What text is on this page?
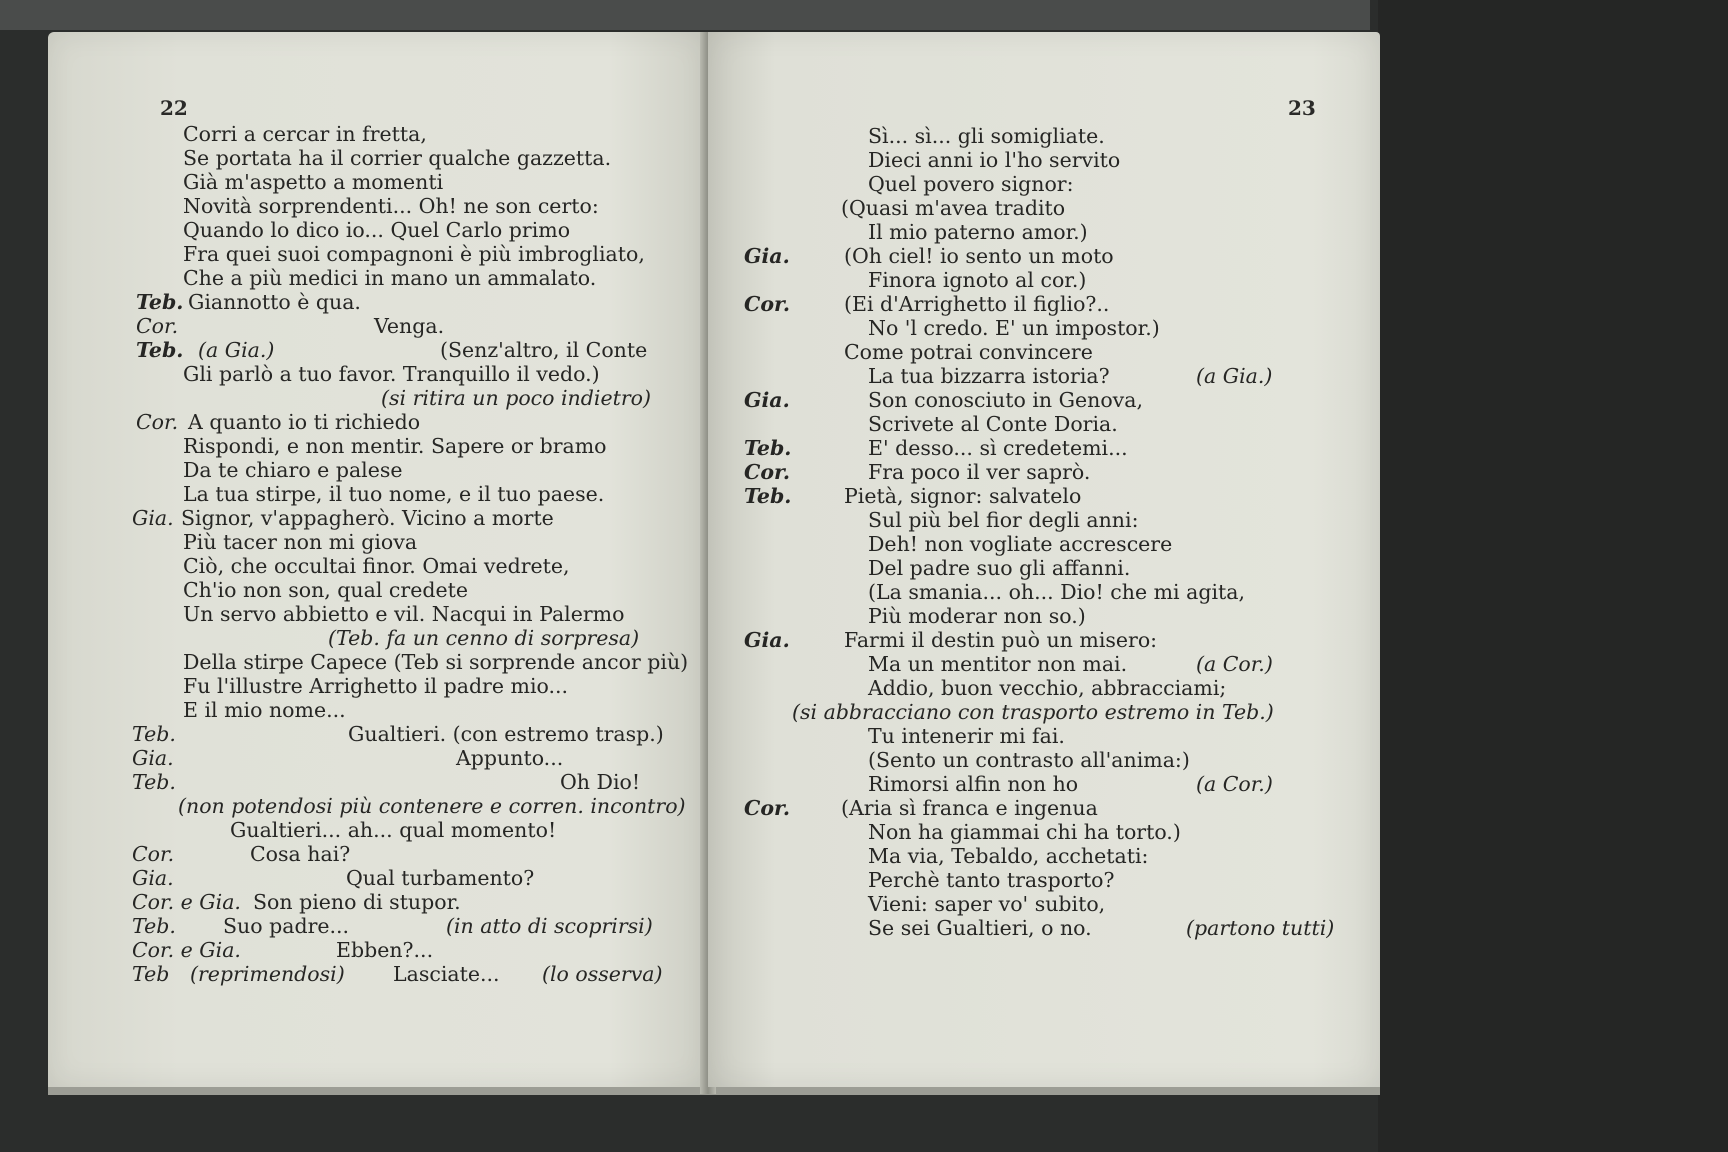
22
Corri a cercar in fretta,
Se portata ha il corrier qualche gazzetta.
Già m'aspetto a momenti
Novità sorprendenti... Oh! ne son certo:
Quando lo dico io... Quel Carlo primo
Fra quei suoi compagnoni è più imbrogliato,
Che a più medici in mano un ammalato.
Teb. Giannotto è qua.
Cor.	Venga.
Teb. (a Gia.)	(Senz'altro, il Conte
Gli parlò a tuo favor. Tranquillo il vedo.)
(si ritira un poco indietro)
Cor. A quanto io ti richiedo
Rispondi, e non mentir. Sapere or bramo
Da te chiaro e palese
La tua stirpe, il tuo nome, e il tuo paese.
Gia. Signor, v'appagherò. Vicino a morte
Più tacer non mi giova
Ciò, che occultai finor. Omai vedrete,
Ch'io non son, qual credete
Un servo abbietto e vil. Nacqui in Palermo
(Teb. fa un cenno di sorpresa)
Della stirpe Capece (Teb si sorprende ancor più)
Fu l'illustre Arrighetto il padre mio...
E il mio nome...
Teb.	Gualtieri. (con estremo trasp.)
Gia.	Appunto...
Teb.	Oh Dio!
(non potendosi più contenere e corren. incontro)
Gualtieri... ah... qual momento!
Cor.	Cosa hai?
Gia.	Qual turbamento?
Cor. e Gia. Son pieno di stupor.
Teb. Suo padre...	(in atto di scoprirsi)
Cor. e Gia.	Ebben?...
Teb (reprimendosi) Lasciate... (lo osserva)
23
Sì... sì... gli somigliate.
Dieci anni io l'ho servito
Quel povero signor:
(Quasi m'avea tradito
Il mio paterno amor.)
Gia.	(Oh ciel! io sento un moto
Finora ignoto al cor.)
Cor.	(Ei d'Arrighetto il figlio?..
No 'l credo. E' un impostor.)
Come potrai convincere
La tua bizzarra istoria?	(a Gia.)
Gia.	Son conosciuto in Genova,
Scrivete al Conte Doria.
Teb.	E' desso... sì credetemi...
Cor.	Fra poco il ver saprò.
Teb.	Pietà, signor: salvatelo
Sul più bel fior degli anni:
Deh! non vogliate accrescere
Del padre suo gli affanni.
(La smania... oh... Dio! che mi agita,
Più moderar non so.)
Gia.	Farmi il destin può un misero:
Ma un mentitor non mai.	(a Cor.)
Addio, buon vecchio, abbracciami;
(si abbracciano con trasporto estremo in Teb.)
Tu intenerir mi fai.
(Sento un contrasto all'anima:)
Rimorsi alfin non ho	(a Cor.)
Cor. (Aria sì franca e ingenua
Non ha giammai chi ha torto.)
Ma via, Tebaldo, acchetati:
Perchè tanto trasporto?
Vieni: saper vo' subito,
Se sei Gualtieri, o no.	(partono tutti)
